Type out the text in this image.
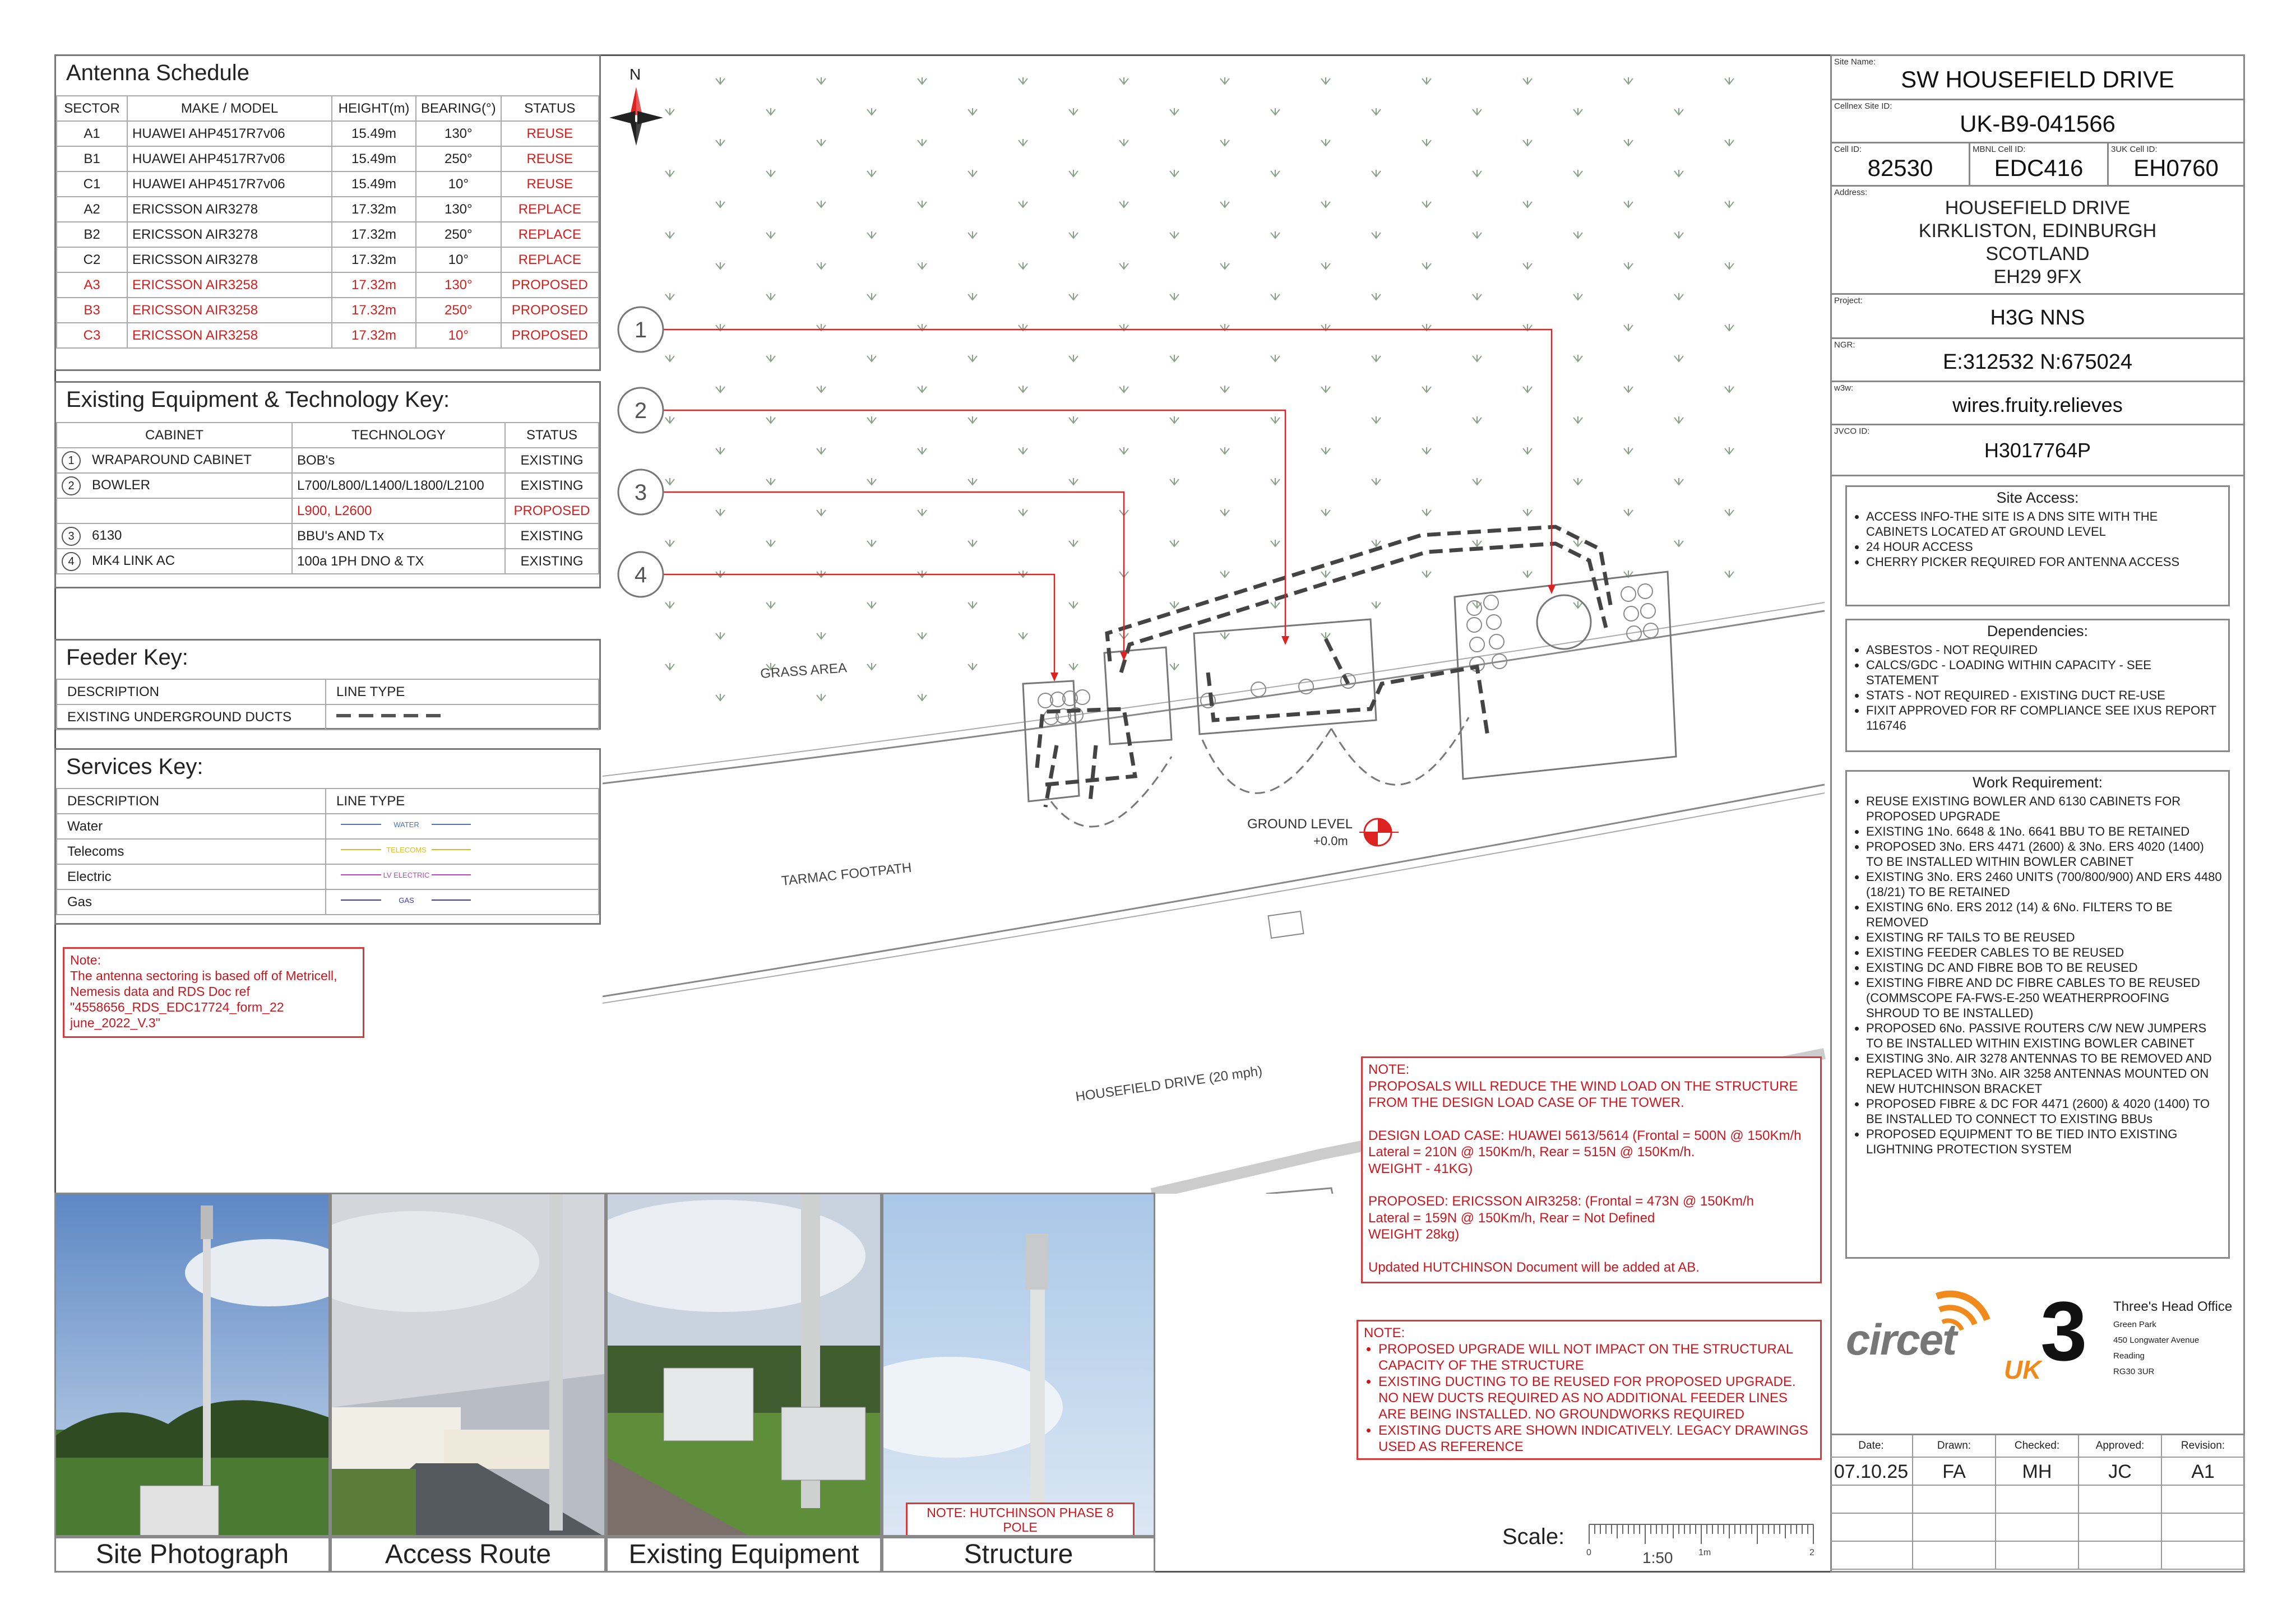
Antenna Schedule
SECTOR	MAKE / MODEL	HEIGHT(m)	BEARING(°)	STATUS
A1	HUAWEI AHP4517R7v06	15.49m	130°	REUSE
B1	HUAWEI AHP4517R7v06	15.49m	250°	REUSE
C1	HUAWEI AHP4517R7v06	15.49m	10°	REUSE
A2	ERICSSON AIR3278	17.32m	130°	REPLACE
B2	ERICSSON AIR3278	17.32m	250°	REPLACE
C2	ERICSSON AIR3278	17.32m	10°	REPLACE
A3	ERICSSON AIR3258	17.32m	130°	PROPOSED
B3	ERICSSON AIR3258	17.32m	250°	PROPOSED
C3	ERICSSON AIR3258	17.32m	10°	PROPOSED
Existing Equipment & Technology Key:
CABINET	TECHNOLOGY	STATUS
1 WRAPAROUND CABINET	BOB's	EXISTING
2 BOWLER	L700/L800/L1400/L1800/L2100	EXISTING
	L900, L2600	PROPOSED
3 6130	BBU's AND Tx	EXISTING
4 MK4 LINK AC	100a 1PH DNO & TX	EXISTING
Feeder Key:
DESCRIPTION	LINE TYPE
EXISTING UNDERGROUND DUCTS	
Services Key:
DESCRIPTION	LINE TYPE
Water	WATER

Telecoms	TELECOMS

Electric	LV ELECTRIC

Gas	GAS
Note:
The antenna sectoring is based off of Metricell, Nemesis data and RDS Doc ref "4558656_RDS_EDC17724_form_22 june_2022_V.3"
N
1
2
3
4
GRASS AREA
TARMAC FOOTPATH
HOUSEFIELD DRIVE (20 mph)
GROUND LEVEL
+0.0m
NOTE:
PROPOSALS WILL REDUCE THE WIND LOAD ON THE STRUCTURE
FROM THE DESIGN LOAD CASE OF THE TOWER.
DESIGN LOAD CASE: HUAWEI 5613/5614 (Frontal = 500N @ 150Km/h
Lateral = 210N @ 150Km/h, Rear = 515N @ 150Km/h.
WEIGHT - 41KG)
PROPOSED: ERICSSON AIR3258: (Frontal = 473N @ 150Km/h
Lateral = 159N @ 150Km/h, Rear = Not Defined
WEIGHT 28kg)
Updated HUTCHINSON Document will be added at AB.
NOTE:
• PROPOSED UPGRADE WILL NOT IMPACT ON THE STRUCTURAL CAPACITY OF THE STRUCTURE
• EXISTING DUCTING TO BE REUSED FOR PROPOSED UPGRADE. NO NEW DUCTS REQUIRED AS NO ADDITIONAL FEEDER LINES ARE BEING INSTALLED. NO GROUNDWORKS REQUIRED
• EXISTING DUCTS ARE SHOWN INDICATIVELY. LEGACY DRAWINGS USED AS REFERENCE
NOTE: HUTCHINSON PHASE 8 POLE
Site Photograph	Access Route	Existing Equipment	Structure
Scale:
0	1m	2
1:50
Site Name:
SW HOUSEFIELD DRIVE
Cellnex Site ID:
UK-B9-041566
Cell ID:
82530
MBNL Cell ID:
EDC416
3UK Cell ID:
EH0760
Address:
HOUSEFIELD DRIVE
KIRKLISTON, EDINBURGH
SCOTLAND
EH29 9FX
Project:
H3G NNS
NGR:
E:312532 N:675024
w3w:
wires.fruity.relieves
JVCO ID:
H3017764P
Site Access:
• ACCESS INFO-THE SITE IS A DNS SITE WITH THE CABINETS LOCATED AT GROUND LEVEL
• 24 HOUR ACCESS
• CHERRY PICKER REQUIRED FOR ANTENNA ACCESS
Dependencies:
• ASBESTOS - NOT REQUIRED
• CALCS/GDC - LOADING WITHIN CAPACITY - SEE STATEMENT
• STATS - NOT REQUIRED - EXISTING DUCT RE-USE
• FIXIT APPROVED FOR RF COMPLIANCE SEE IXUS REPORT 116746
Work Requirement:
• REUSE EXISTING BOWLER AND 6130 CABINETS FOR PROPOSED UPGRADE
• EXISTING 1No. 6648 & 1No. 6641 BBU TO BE RETAINED
• PROPOSED 3No. ERS 4471 (2600) & 3No. ERS 4020 (1400) TO BE INSTALLED WITHIN BOWLER CABINET
• EXISTING 3No. ERS 2460 UNITS (700/800/900) AND ERS 4480 (18/21) TO BE RETAINED
• EXISTING 6No. ERS 2012 (14) & 6No. FILTERS TO BE REMOVED
• EXISTING RF TAILS TO BE REUSED
• EXISTING FEEDER CABLES TO BE REUSED
• EXISTING DC AND FIBRE BOB TO BE REUSED
• EXISTING FIBRE AND DC FIBRE CABLES TO BE REUSED (COMMSCOPE FA-FWS-E-250 WEATHERPROOFING SHROUD TO BE INSTALLED)
• PROPOSED 6No. PASSIVE ROUTERS C/W NEW JUMPERS TO BE INSTALLED WITHIN EXISTING BOWLER CABINET
• EXISTING 3No. AIR 3278 ANTENNAS TO BE REMOVED AND REPLACED WITH 3No. AIR 3258 ANTENNAS MOUNTED ON NEW HUTCHINSON BRACKET
• PROPOSED FIBRE & DC FOR 4471 (2600) & 4020 (1400) TO BE INSTALLED TO CONNECT TO EXISTING BBUs
• PROPOSED EQUIPMENT TO BE TIED INTO EXISTING LIGHTNING PROTECTION SYSTEM
circet
UK
3 Three's Head Office
Green Park
450 Longwater Avenue
Reading
RG30 3UR
Date:
07.10.25
Drawn:
FA
Checked:
MH
Approved:
JC
Revision:
A1
